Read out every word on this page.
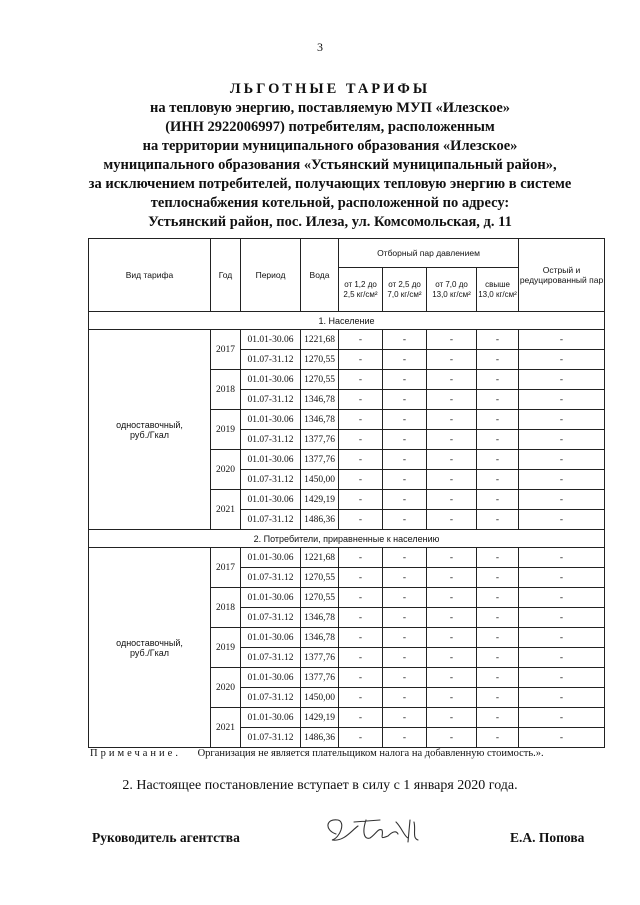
3
ЛЬГОТНЫЕ ТАРИФЫ
на тепловую энергию, поставляемую МУП «Илезское»
(ИНН 2922006997) потребителям, расположенным
на территории муниципального образования «Илезское»
муниципального образования «Устьянский муниципальный район»,
за исключением потребителей, получающих тепловую энергию в системе
теплоснабжения котельной, расположенной по адресу:
Устьянский район, пос. Илеза, ул. Комсомольская, д. 11
Вид тарифа	Год	Период	Вода	Отборный пар давлением				Острый и редуцированный пар
				от 1,2 до 2,5 кг/см²	от 2,5 до 7,0 кг/см²	от 7,0 до 13,0 кг/см²	свыше 13,0 кг/см²	
1. Население								
одноставочный, руб./Гкал	2017	01.01-30.06	1221,68	-	-	-	-	-
		01.07-31.12	1270,55	-	-	-	-	-
	2018	01.01-30.06	1270,55	-	-	-	-	-
		01.07-31.12	1346,78	-	-	-	-	-
	2019	01.01-30.06	1346,78	-	-	-	-	-
		01.07-31.12	1377,76	-	-	-	-	-
	2020	01.01-30.06	1377,76	-	-	-	-	-
		01.07-31.12	1450,00	-	-	-	-	-
	2021	01.01-30.06	1429,19	-	-	-	-	-
		01.07-31.12	1486,36	-	-	-	-	-
2. Потребители, приравненные к населению								
одноставочный, руб./Гкал	2017	01.01-30.06	1221,68	-	-	-	-	-
		01.07-31.12	1270,55	-	-	-	-	-
	2018	01.01-30.06	1270,55	-	-	-	-	-
		01.07-31.12	1346,78	-	-	-	-	-
	2019	01.01-30.06	1346,78	-	-	-	-	-
		01.07-31.12	1377,76	-	-	-	-	-
	2020	01.01-30.06	1377,76	-	-	-	-	-
		01.07-31.12	1450,00	-	-	-	-	-
	2021	01.01-30.06	1429,19	-	-	-	-	-
		01.07-31.12	1486,36	-	-	-	-	-
Примечание. Организация не является плательщиком налога на добавленную стоимость.».
2. Настоящее постановление вступает в силу с 1 января 2020 года.
Руководитель агентства	Е.А. Попова
